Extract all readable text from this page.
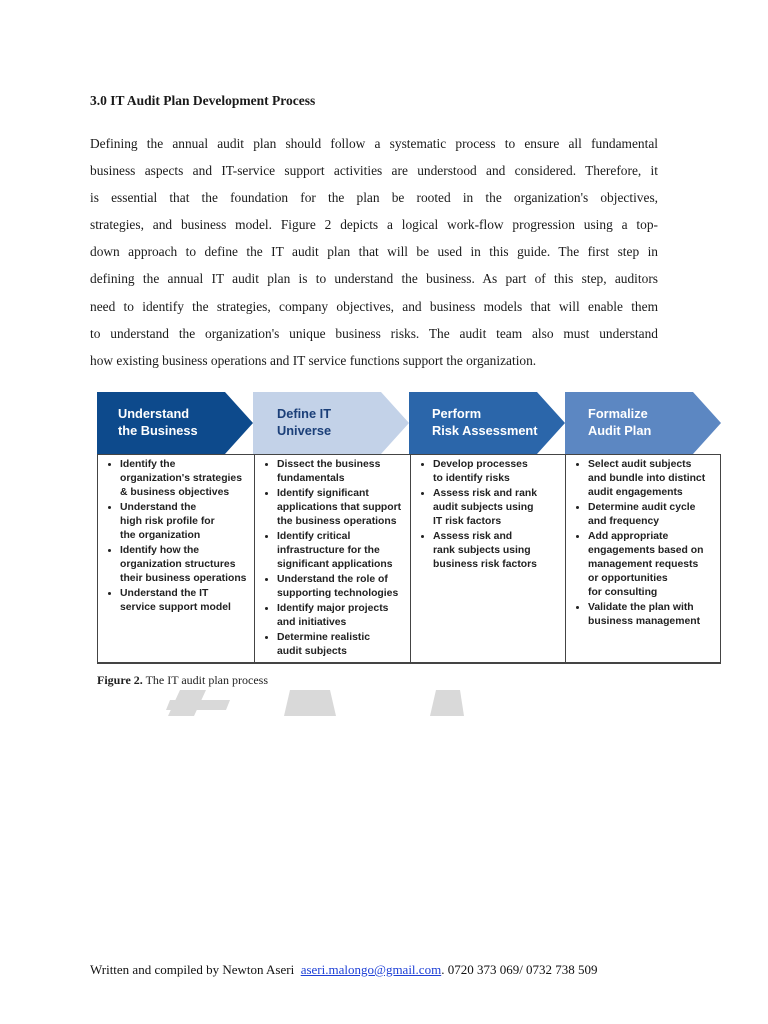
3.0 IT Audit Plan Development Process

Defining the annual audit plan should follow a systematic process to ensure all fundamental
business aspects and IT-service support activities are understood and considered. Therefore, it
is essential that the foundation for the plan be rooted in the organization's objectives,
strategies, and business model. Figure 2 depicts a logical work-flow progression using a top-
down approach to define the IT audit plan that will be used in this guide. The first step in
defining the annual IT audit plan is to understand the business. As part of this step, auditors
need to identify the strategies, company objectives, and business models that will enable them
to understand the organization's unique business risks. The audit team also must understand
how existing business operations and IT service functions support the organization.

Understand
the Business
Define IT
Universe
Perform
Risk Assessment
Formalize
Audit Plan
• Identify the
organization's strategies
& business objectives
• Understand the
high risk profile for
the organization
• Identify how the
organization structures
their business operations
• Understand the IT
service support model
• Dissect the business
fundamentals
• Identify significant
applications that support
the business operations
• Identify critical
infrastructure for the
significant applications
• Understand the role of
supporting technologies
• Identify major projects
and initiatives
• Determine realistic
audit subjects
• Develop processes
to identify risks
• Assess risk and rank
audit subjects using
IT risk factors
• Assess risk and
rank subjects using
business risk factors
• Select audit subjects
and bundle into distinct
audit engagements
• Determine audit cycle
and frequency
• Add appropriate
engagements based on
management requests
or opportunities
for consulting
• Validate the plan with
business management
Figure 2. The IT audit plan process
Written and compiled by Newton Aseri aseri.malongo@gmail.com. 0720 373 069/ 0732 738 509
